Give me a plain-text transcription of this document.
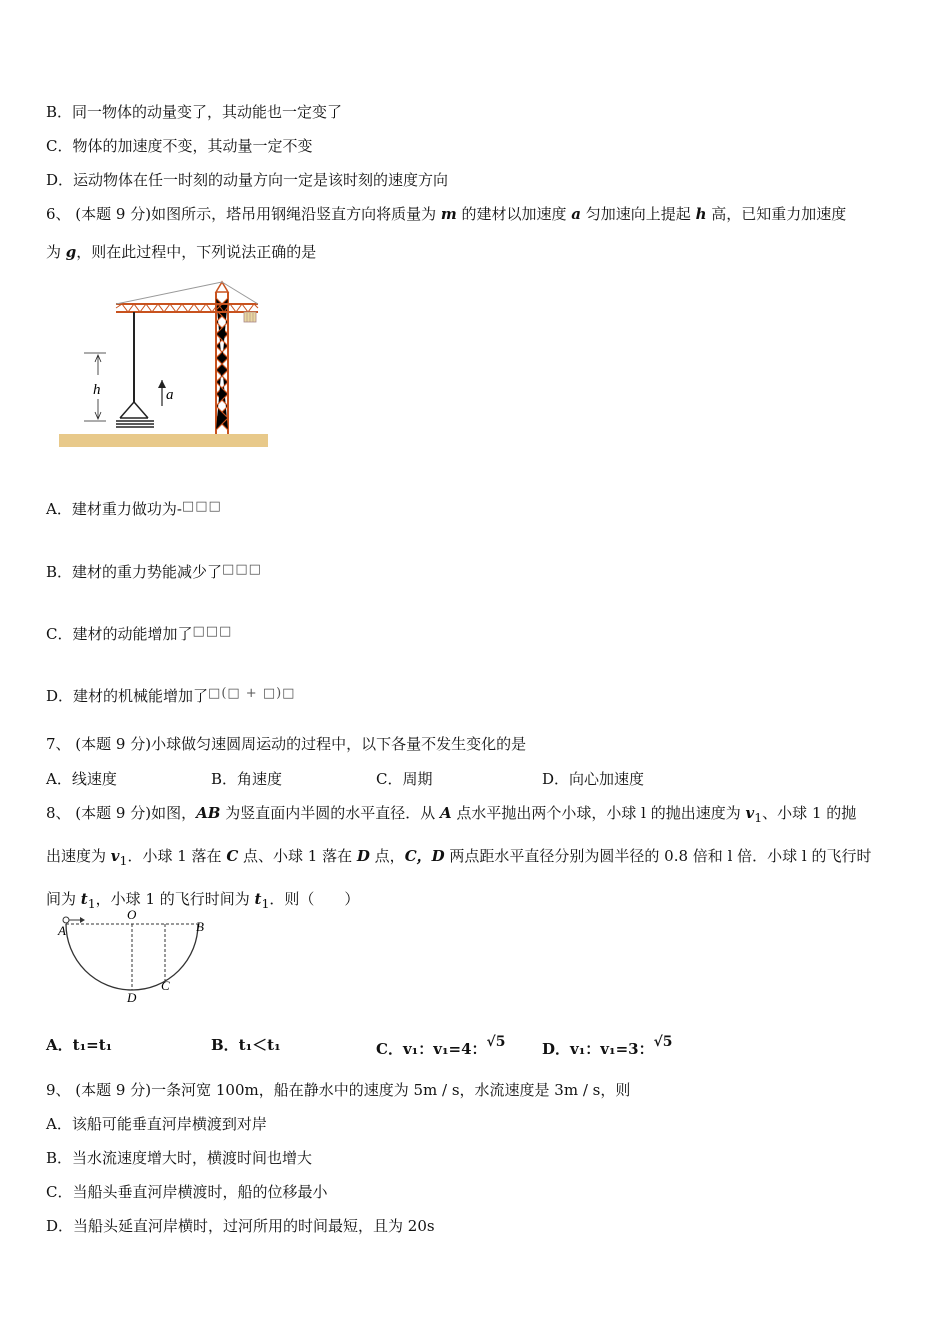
B．同一物体的动量变了，其动能也一定变了
C．物体的加速度不变，其动量一定不变
D．运动物体在任一时刻的动量方向一定是该时刻的速度方向
6、 (本题 9 分)如图所示，塔吊用钢绳沿竖直方向将质量为 m 的建材以加速度 a 匀加速向上提起 h 高，已知重力加速度
为 g，则在此过程中，下列说法正确的是
h	a
A．建材重力做功为-□□□
B．建材的重力势能减少了□□□
C．建材的动能增加了□□□
D．建材的机械能增加了□(□ + □)□
7、 (本题 9 分)小球做匀速圆周运动的过程中，以下各量不发生变化的是
A．线速度	B．角速度	C．周期	D．向心加速度
8、 (本题 9 分)如图，AB 为竖直面内半圆的水平直径．从 A 点水平抛出两个小球，小球 l 的抛出速度为 $v_1$、小球 1 的抛
出速度为 $v_1$．小球 1 落在 C 点、小球 1 落在 D 点，C，D 两点距水平直径分别为圆半径的 0.8 倍和 l 倍．小球 l 的飞行时
间为 $t_1$，小球 1 的飞行时间为 $t_1$．则（　　）
A
O
B
D
C
A．t₁=t₁	B．t₁＜t₁	C．v₁：v₁=4：√5 D．v₁：v₁=3：√5
9、 (本题 9 分)一条河宽 100m，船在静水中的速度为 5m / s，水流速度是 3m / s，则
A．该船可能垂直河岸横渡到对岸
B．当水流速度增大时，横渡时间也增大
C．当船头垂直河岸横渡时，船的位移最小
D．当船头延直河岸横时，过河所用的时间最短，且为 20s
